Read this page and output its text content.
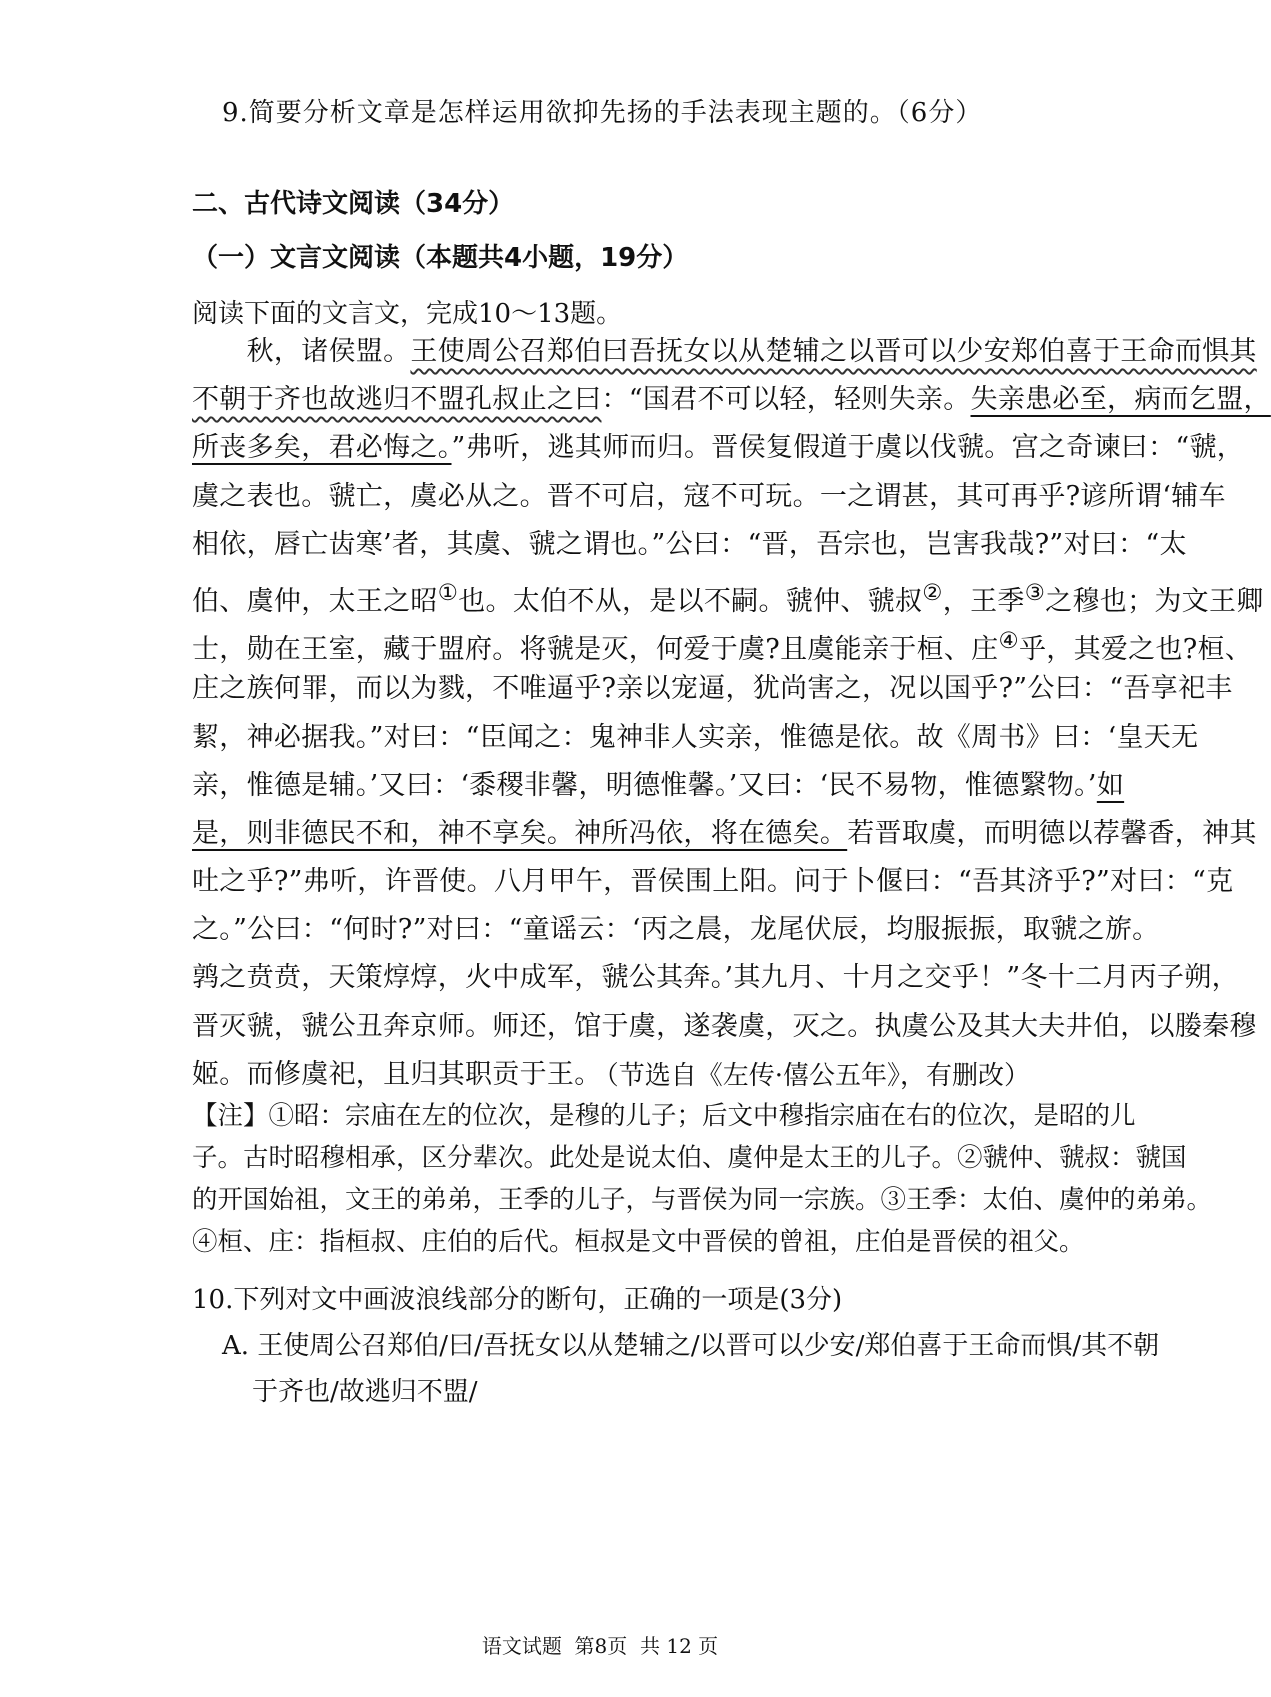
9.简要分析文章是怎样运用欲抑先扬的手法表现主题的。（6分）
二、古代诗文阅读（34分）
（一）文言文阅读（本题共4小题，19分）
阅读下面的文言文，完成10～13题。
  秋，诸侯盟。王使周公召郑伯曰吾抚女以从楚辅之以晋可以少安郑伯喜于王命而惧其
不朝于齐也故逃归不盟孔叔止之曰：“国君不可以轻，轻则失亲。失亲患必至，病而乞盟，
所丧多矣，君必悔之。”弗听，逃其师而归。晋侯复假道于虞以伐虢。宫之奇谏曰：“虢，
虞之表也。虢亡，虞必从之。晋不可启，寇不可玩。一之谓甚，其可再乎?谚所谓‘辅车
相依，唇亡齿寒’者，其虞、虢之谓也。”公曰：“晋，吾宗也，岂害我哉?”对曰：“太
伯、虞仲，太王之昭①也。太伯不从，是以不嗣。虢仲、虢叔②，王季③之穆也；为文王卿
士，勋在王室，藏于盟府。将虢是灭，何爱于虞?且虞能亲于桓、庄④乎，其爱之也?桓、
庄之族何罪，而以为戮，不唯逼乎?亲以宠逼，犹尚害之，况以国乎?”公曰：“吾享祀丰
絜，神必据我。”对曰：“臣闻之：鬼神非人实亲，惟德是依。故《周书》曰：‘皇天无
亲，惟德是辅。’又曰：‘黍稷非馨，明德惟馨。’又曰：‘民不易物，惟德繄物。’如
是，则非德民不和，神不享矣。神所冯依，将在德矣。若晋取虞，而明德以荐馨香，神其
吐之乎?”弗听，许晋使。八月甲午，晋侯围上阳。问于卜偃曰：“吾其济乎?”对曰：“克
之。”公曰：“何时?”对曰：“童谣云：‘丙之晨，龙尾伏辰，均服振振，取虢之旂。
鹑之贲贲，天策焞焞，火中成军，虢公其奔。’其九月、十月之交乎！”冬十二月丙子朔，
晋灭虢，虢公丑奔京师。师还，馆于虞，遂袭虞，灭之。执虞公及其大夫井伯，以媵秦穆
姬。而修虞祀，且归其职贡于王。
（节选自《左传·僖公五年》，有删改）
【注】①昭：宗庙在左的位次，是穆的儿子；后文中穆指宗庙在右的位次，是昭的儿
子。古时昭穆相承，区分辈次。此处是说太伯、虞仲是太王的儿子。②虢仲、虢叔：虢国
的开国始祖，文王的弟弟，王季的儿子，与晋侯为同一宗族。③王季：太伯、虞仲的弟弟。
④桓、庄：指桓叔、庄伯的后代。桓叔是文中晋侯的曾祖，庄伯是晋侯的祖父。
10.下列对文中画波浪线部分的断句，正确的一项是(3分)
A. 王使周公召郑伯/曰/吾抚女以从楚辅之/以晋可以少安/郑伯喜于王命而惧/其不朝
于齐也/故逃归不盟/
语文试题  第8页  共 12 页
